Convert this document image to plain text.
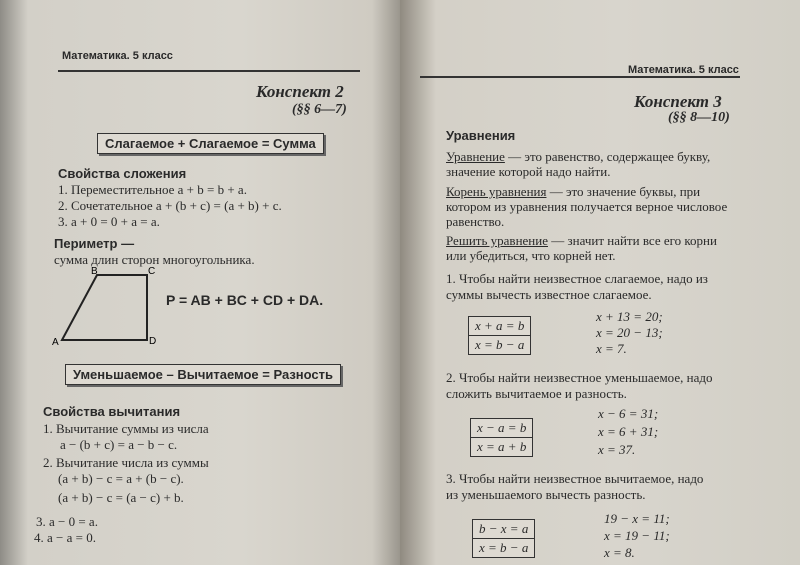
Математика. 5 класс
Конспект 2
(§§ 6—7)
Слагаемое + Слагаемое = Сумма
Свойства сложения
1. Переместительное a + b = b + a.
2. Сочетательное a + (b + c) = (a + b) + c.
3. a + 0 = 0 + a = a.
Периметр —
сумма длин сторон многоугольника.
A
B	C
D
P = AB + BC + CD + DA.
Уменьшаемое – Вычитаемое = Разность
Свойства вычитания
1. Вычитание суммы из числа
a − (b + c) = a − b − c.
2. Вычитание числа из суммы
(a + b) − c = a + (b − c).
(a + b) − c = (a − c) + b.
3. a − 0 = a.
4. a − a = 0.
Математика. 5 класс
Конспект 3
(§§ 8—10)
Уравнения
Уравнение — это равенство, содержащее букву,
значение которой надо найти.
Корень уравнения — это значение буквы, при
котором из уравнения получается верное числовое
равенство.
Решить уравнение — значит найти все его корни
или убедиться, что корней нет.
1. Чтобы найти неизвестное слагаемое, надо из
суммы вычесть известное слагаемое.
x + a = b
x = b − a
x + 13 = 20;
x = 20 − 13;
x = 7.
2. Чтобы найти неизвестное уменьшаемое, надо
сложить вычитаемое и разность.
x − a = b
x = a + b
x − 6 = 31;
x = 6 + 31;
x = 37.
3. Чтобы найти неизвестное вычитаемое, надо
из уменьшаемого вычесть разность.
b − x = a
x = b − a
19 − x = 11;
x = 19 − 11;
x = 8.
